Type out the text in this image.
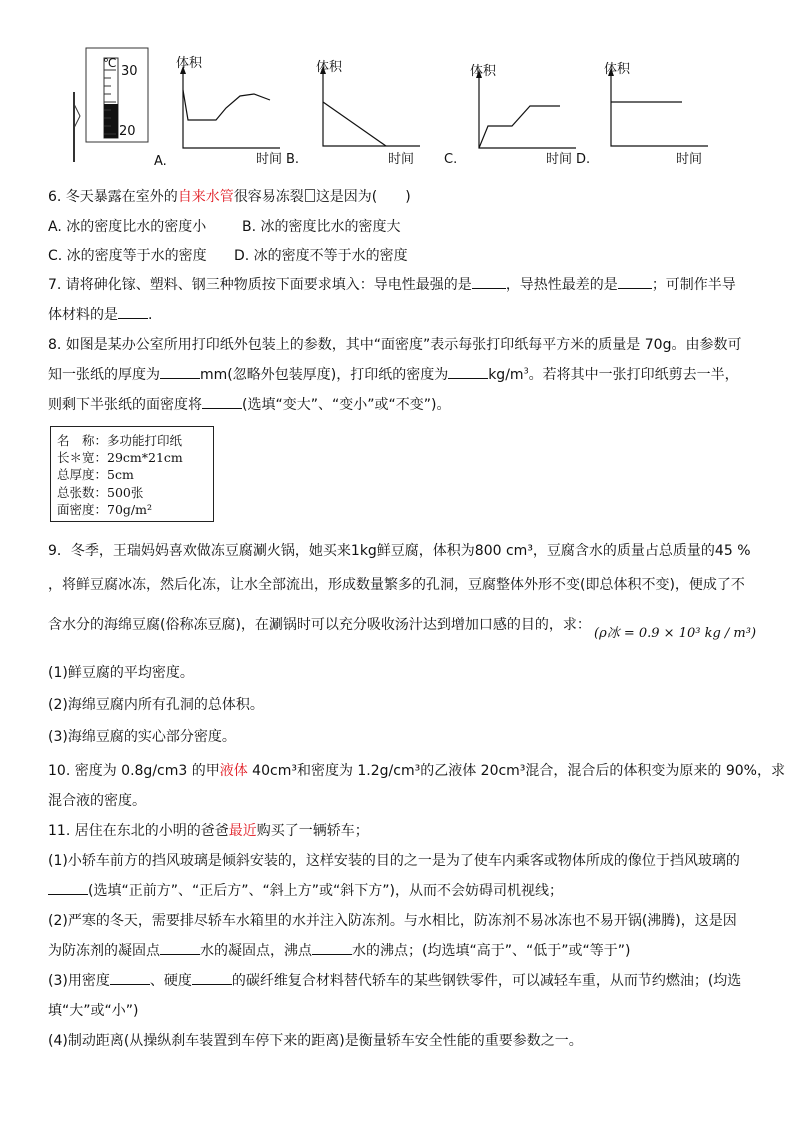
℃
30
20
A.
体积
时间 B.
体积
时间
体积
C.	时间 D.
体积
时间
6. 冬天暴露在室外的自来水管很容易冻裂 这是因为(　　)
A. 冰的密度比水的密度小	B. 冰的密度比水的密度大
C. 冰的密度等于水的密度 D. 冰的密度不等于水的密度
7. 请将砷化镓、塑料、钢三种物质按下面要求填入：导电性最强的是 ，导热性最差的是 ；可制作半导
体材料的是 .
8. 如图是某办公室所用打印纸外包装上的参数，其中“面密度”表示每张打印纸每平方米的质量是 70g。由参数可
知一张纸的厚度为	mm(忽略外包装厚度)，打印纸的密度为	$kg/m^3$。若将其中一张打印纸剪去一半，
则剩下半张纸的面密度将	(选填“变大”、“变小”或“不变”)。
名　称：多功能打印纸
长＊宽：29cm*21cm
总厚度：5cm
总张数：500张
面密度：70g/m²
9．冬季，王瑞妈妈喜欢做冻豆腐涮火锅，她买来1kg鲜豆腐，体积为800 cm³，豆腐含水的质量占总质量的45 %
，将鲜豆腐冰冻，然后化冻，让水全部流出，形成数量繁多的孔洞，豆腐整体外形不变(即总体积不变)，便成了不
含水分的海绵豆腐(俗称冻豆腐)，在涮锅时可以充分吸收汤汁达到增加口感的目的，求：
(ρ冰 = 0.9 × 10³ kg / m³)
(1)鲜豆腐的平均密度。
(2)海绵豆腐内所有孔洞的总体积。
(3)海绵豆腐的实心部分密度。
10. 密度为 0.8g/cm3 的甲液体 40cm³和密度为 1.2g/cm³的乙液体 20cm³混合，混合后的体积变为原来的 90%，求
混合液的密度。
11. 居住在东北的小明的爸爸最近购买了一辆轿车；
(1)小轿车前方的挡风玻璃是倾斜安装的，这样安装的目的之一是为了使车内乘客或物体所成的像位于挡风玻璃的
(选填“正前方”、“正后方”、“斜上方”或“斜下方”)，从而不会妨碍司机视线；
(2)严寒的冬天，需要排尽轿车水箱里的水并注入防冻剂。与水相比，防冻剂不易冰冻也不易开锅(沸腾)，这是因
为防冻剂的凝固点	水的凝固点，沸点	水的沸点；(均选填“高于”、“低于”或“等于”)
(3)用密度	、硬度	的碳纤维复合材料替代轿车的某些钢铁零件，可以减轻车重，从而节约燃油；(均选
填“大”或“小”)
(4)制动距离(从操纵刹车装置到车停下来的距离)是衡量轿车安全性能的重要参数之一。
